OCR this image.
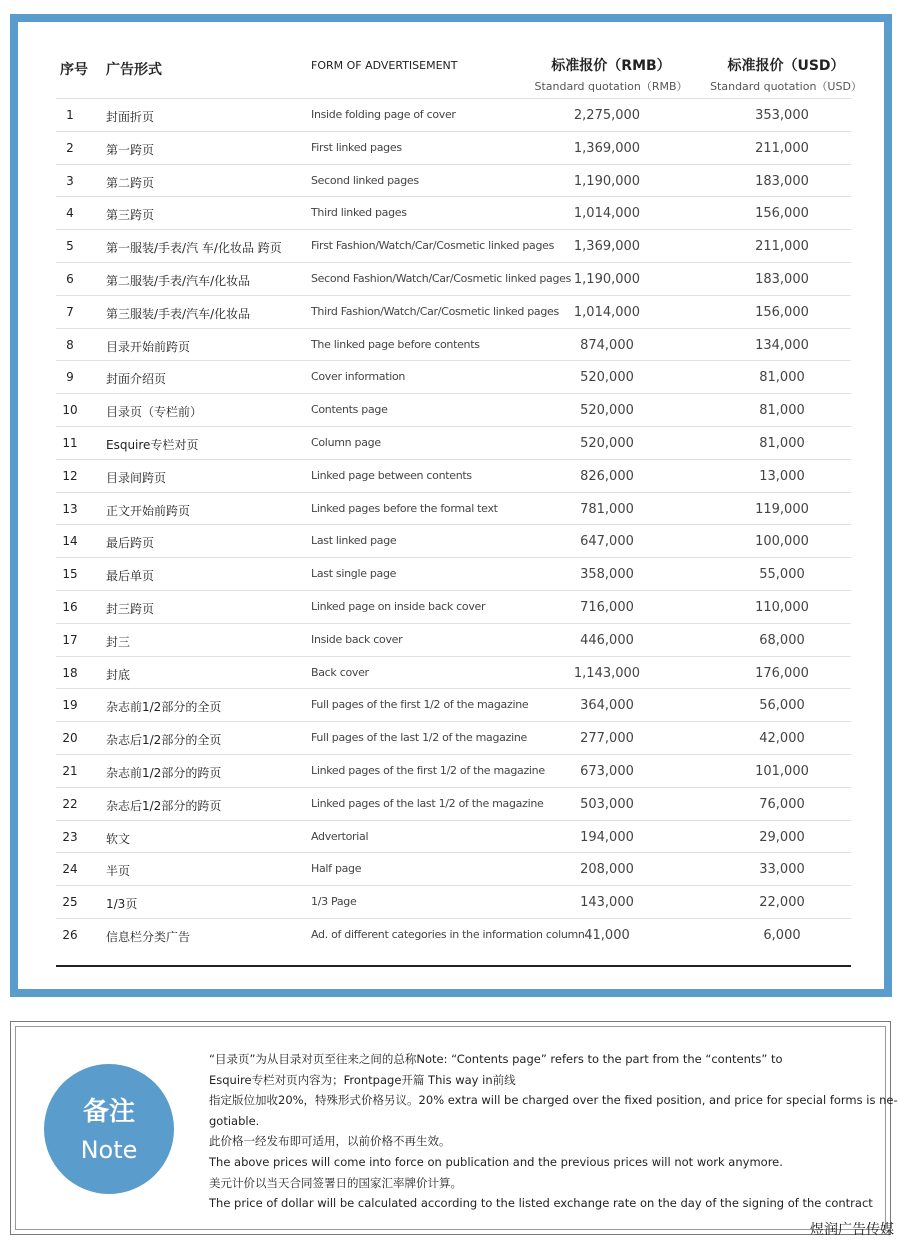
序号 广告形式	FORM OF ADVERTISEMENT	标准报价（RMB）
Standard quotation（RMB）
标准报价（USD）
Standard quotation（USD）
1	封面折页	Inside folding page of cover	2,275,000	353,000
2	第一跨页	First linked pages	1,369,000	211,000
3	第二跨页	Second linked pages	1,190,000	183,000
4	第三跨页	Third linked pages	1,014,000	156,000
5	第一服装/手表/汽 车/化妆品 跨页	First Fashion/Watch/Car/Cosmetic linked pages	1,369,000	211,000
6	第二服装/手表/汽车/化妆品	Second Fashion/Watch/Car/Cosmetic linked pages 1,190,000	183,000
7	第三服装/手表/汽车/化妆品	Third Fashion/Watch/Car/Cosmetic linked pages	1,014,000	156,000
8	目录开始前跨页	The linked page before contents	874,000	134,000
9	封面介绍页	Cover information	520,000	81,000
10	目录页（专栏前）	Contents page	520,000	81,000
11	Esquire专栏对页	Column page	520,000	81,000
12	目录间跨页	Linked page between contents	826,000	13,000
13	正文开始前跨页	Linked pages before the formal text	781,000	119,000
14	最后跨页	Last linked page	647,000	100,000
15	最后单页	Last single page	358,000	55,000
16	封三跨页	Linked page on inside back cover	716,000	110,000
17	封三	Inside back cover	446,000	68,000
18	封底	Back cover	1,143,000	176,000
19	杂志前1/2部分的全页	Full pages of the first 1/2 of the magazine	364,000	56,000
20	杂志后1/2部分的全页	Full pages of the last 1/2 of the magazine	277,000	42,000
21	杂志前1/2部分的跨页	Linked pages of the first 1/2 of the magazine	673,000	101,000
22	杂志后1/2部分的跨页	Linked pages of the last 1/2 of the magazine	503,000	76,000
23	软文	Advertorial	194,000	29,000
24	半页	Half page	208,000	33,000
25	1/3页	1/3 Page	143,000	22,000
26	信息栏分类广告	Ad. of different categories in the information column 41,000	6,000
备注
Note
“目录页”为从目录对页至往来之间的总称Note: “Contents page” refers to the part from the “contents” to
Esquire专栏对页内容为；Frontpage开篇 This way in前线
指定版位加收20%，特殊形式价格另议。20% extra will be charged over the fixed position, and price for special forms is ne-
gotiable.
此价格一经发布即可适用，以前价格不再生效。
The above prices will come into force on publication and the previous prices will not work anymore.
美元计价以当天合同签署日的国家汇率牌价计算。
The price of dollar will be calculated according to the listed exchange rate on the day of the signing of the contract
煜润广告传媒
